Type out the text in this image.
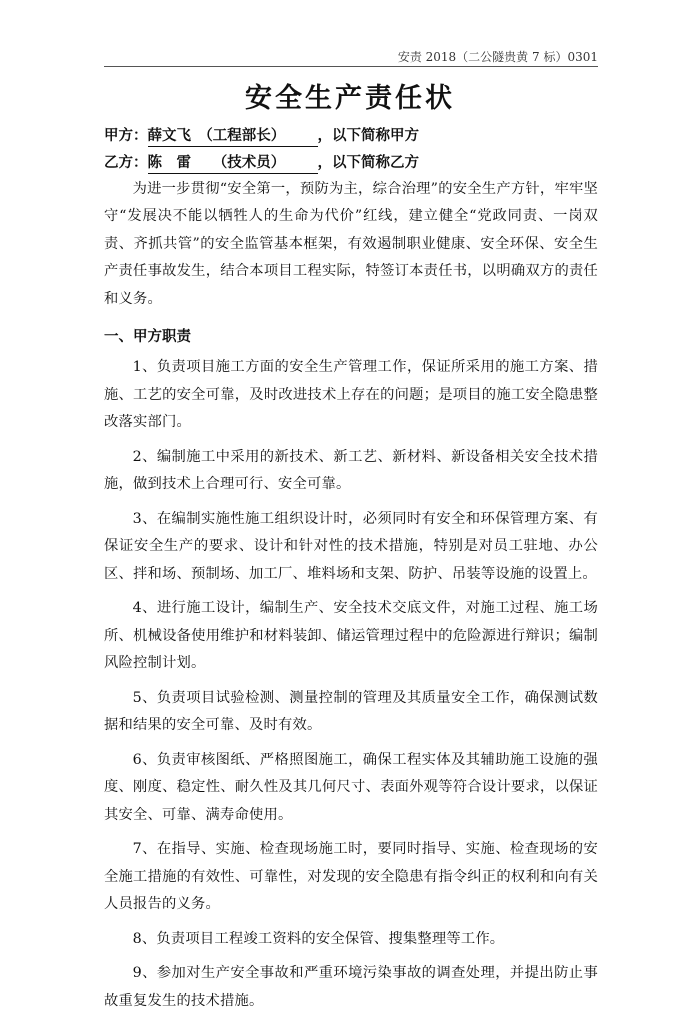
安责 2018（二公隧贵黄 7 标）0301
安全生产责任状
甲方：薛文飞　（工程部长） ，以下简称甲方
乙方：陈　雷　　（技术员） ，以下简称乙方

为进一步贯彻“安全第一，预防为主，综合治理”的安全生产方针，牢牢坚守“发展决不能以牺牲人的生命为代价”红线，建立健全“党政同责、一岗双责、齐抓共管”的安全监管基本框架，有效遏制职业健康、安全环保、安全生产责任事故发生，结合本项目工程实际，特签订本责任书，以明确双方的责任和义务。

一、甲方职责

1、负责项目施工方面的安全生产管理工作，保证所采用的施工方案、措施、工艺的安全可靠，及时改进技术上存在的问题；是项目的施工安全隐患整改落实部门。

2、编制施工中采用的新技术、新工艺、新材料、新设备相关安全技术措施，做到技术上合理可行、安全可靠。

3、在编制实施性施工组织设计时，必须同时有安全和环保管理方案、有保证安全生产的要求、设计和针对性的技术措施，特别是对员工驻地、办公区、拌和场、预制场、加工厂、堆料场和支架、防护、吊装等设施的设置上。

4、进行施工设计，编制生产、安全技术交底文件，对施工过程、施工场所、机械设备使用维护和材料装卸、储运管理过程中的危险源进行辩识；编制风险控制计划。

5、负责项目试验检测、测量控制的管理及其质量安全工作，确保测试数据和结果的安全可靠、及时有效。

6、负责审核图纸、严格照图施工，确保工程实体及其辅助施工设施的强度、刚度、稳定性、耐久性及其几何尺寸、表面外观等符合设计要求，以保证其安全、可靠、满寿命使用。

7、在指导、实施、检查现场施工时，要同时指导、实施、检查现场的安全施工措施的有效性、可靠性，对发现的安全隐患有指令纠正的权利和向有关人员报告的义务。

8、负责项目工程竣工资料的安全保管、搜集整理等工作。

9、参加对生产安全事故和严重环境污染事故的调查处理，并提出防止事故重复发生的技术措施。
